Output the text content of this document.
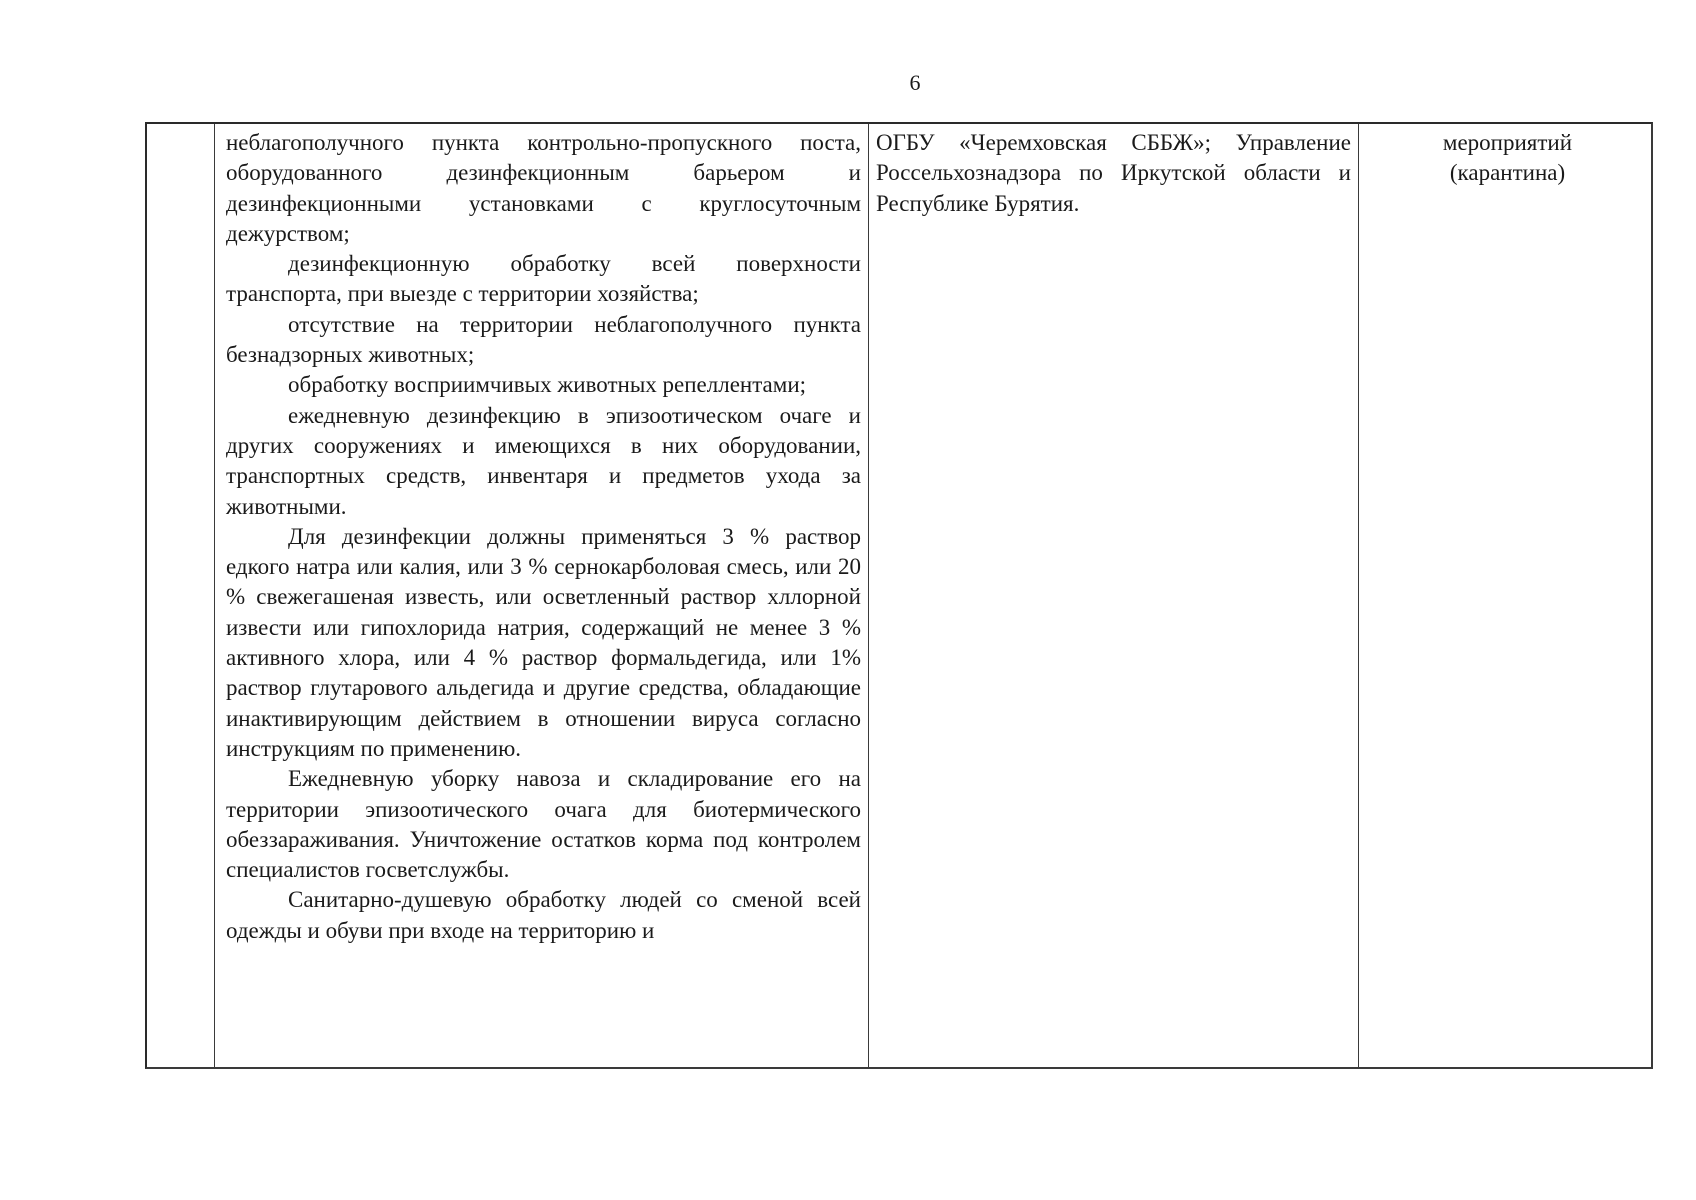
6

неблагополучного пункта контрольно-пропускного поста, оборудованного дезинфекционным барьером и дезинфекционными установками с круглосуточным дежурством;

дезинфекционную обработку всей поверхности транспорта, при выезде с территории хозяйства;

отсутствие на территории неблагополучного пункта безнадзорных животных;

обработку восприимчивых животных репеллентами;

ежедневную дезинфекцию в эпизоотическом очаге и других сооружениях и имеющихся в них оборудовании, транспортных средств, инвентаря и предметов ухода за животными.

Для дезинфекции должны применяться 3 % раствор едкого натра или калия, или 3 % сернокарболовая смесь, или 20 % свежегашеная известь, или осветленный раствор хллорной извести или гипохлорида натрия, содержащий не менее 3 % активного хлора, или 4 % раствор формальдегида, или 1% раствор глутарового альдегида и другие средства, обладающие инактивирующим действием в отношении вируса согласно инструкциям по применению.

Ежедневную уборку навоза и складирование его на территории эпизоотического очага для биотермического обеззараживания. Уничтожение остатков корма под контролем специалистов госветслужбы.

Санитарно-душевую обработку людей со сменой всей одежды и обуви при входе на территорию и

ОГБУ «Черемховская СББЖ»; Управление Россельхознадзора по Иркутской области и Республике Бурятия.
мероприятий
(карантина)
